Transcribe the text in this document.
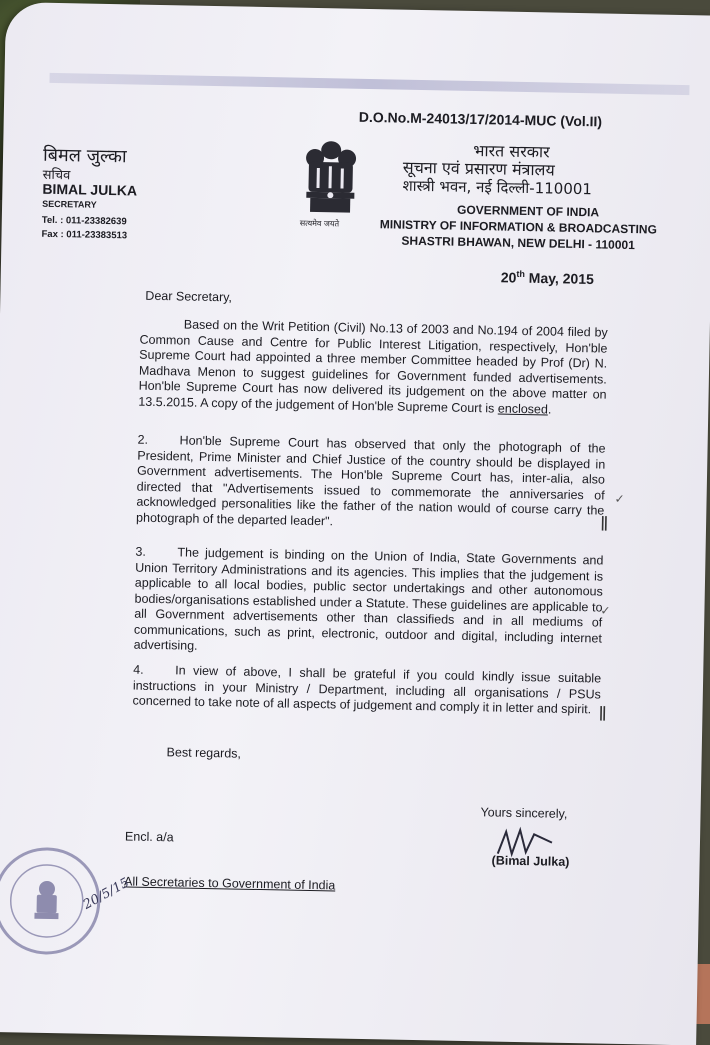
D.O.No.M-24013/17/2014-MUC (Vol.II)
बिमल जुल्का
सचिव
BIMAL JULKA
SECRETARY
Tel. : 011-23382639
Fax : 011-23383513
सत्यमेव जयते
भारत सरकार
सूचना एवं प्रसारण मंत्रालय
शास्त्री भवन, नई दिल्ली-110001
GOVERNMENT OF INDIA
MINISTRY OF INFORMATION & BROADCASTING
SHASTRI BHAWAN, NEW DELHI - 110001
20th May, 2015
Dear Secretary,

Based on the Writ Petition (Civil) No.13 of 2003 and No.194 of 2004 filed by Common Cause and Centre for Public Interest Litigation, respectively, Hon'ble Supreme Court had appointed a three member Committee headed by Prof (Dr) N. Madhava Menon to suggest guidelines for Government funded advertisements. Hon'ble Supreme Court has now delivered its judgement on the above matter on 13.5.2015. A copy of the judgement of Hon'ble Supreme Court is enclosed.

2.	Hon'ble Supreme Court has observed that only the photograph of the President, Prime Minister and Chief Justice of the country should be displayed in Government advertisements. The Hon'ble Supreme Court has, inter-alia, also directed that "Advertisements issued to commemorate the anniversaries of acknowledged personalities like the father of the nation would of course carry the photograph of the departed leader".

3.	The judgement is binding on the Union of India, State Governments and Union Territory Administrations and its agencies. This implies that the judgement is applicable to all local bodies, public sector undertakings and other autonomous bodies/organisations established under a Statute. These guidelines are applicable to all Government advertisements other than classifieds and in all mediums of communications, such as print, electronic, outdoor and digital, including internet advertising.

4.	In view of above, I shall be grateful if you could kindly issue suitable instructions in your Ministry / Department, including all organisations / PSUs concerned to take note of all aspects of judgement and comply it in letter and spirit.

✓
✓
‖
‖
Best regards,
Yours sincerely,
(Bimal Julka)
Encl. a/a
All Secretaries to Government of India
20/5/15
